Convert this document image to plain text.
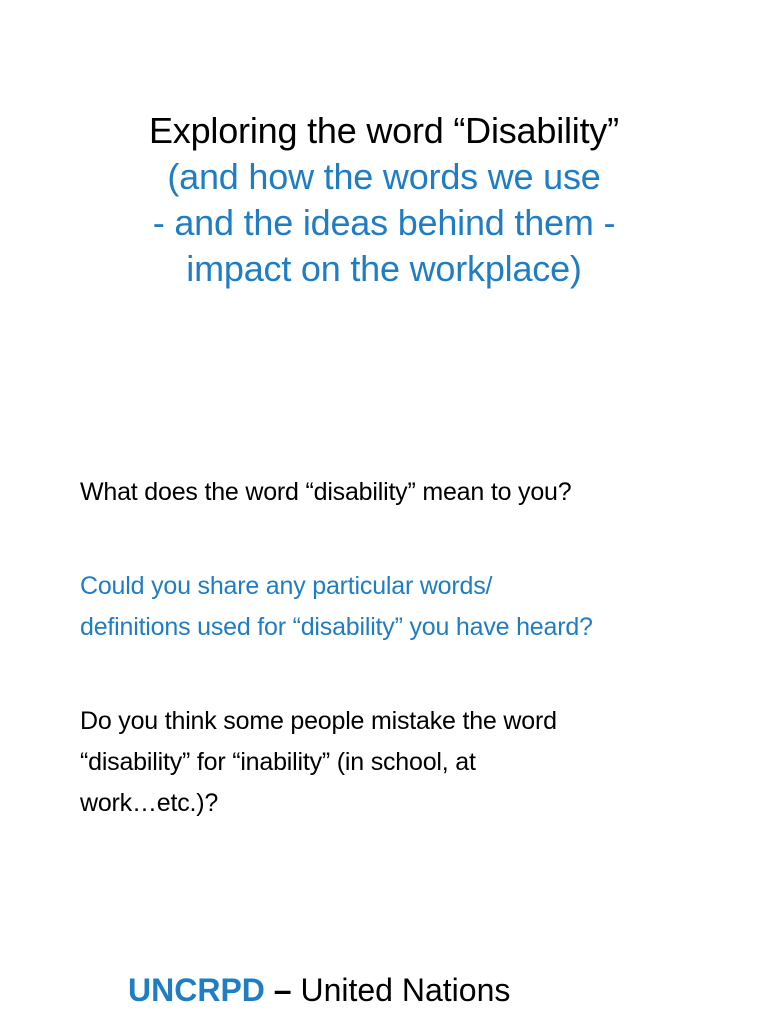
Exploring the word “Disability”
(and how the words we use
- and the ideas behind them -
impact on the workplace)
What does the word “disability” mean to you?
Could you share any particular words/
definitions used for “disability” you have heard?
Do you think some people mistake the word
“disability” for “inability” (in school, at
work…etc.)?
UNCRPD – United Nations
